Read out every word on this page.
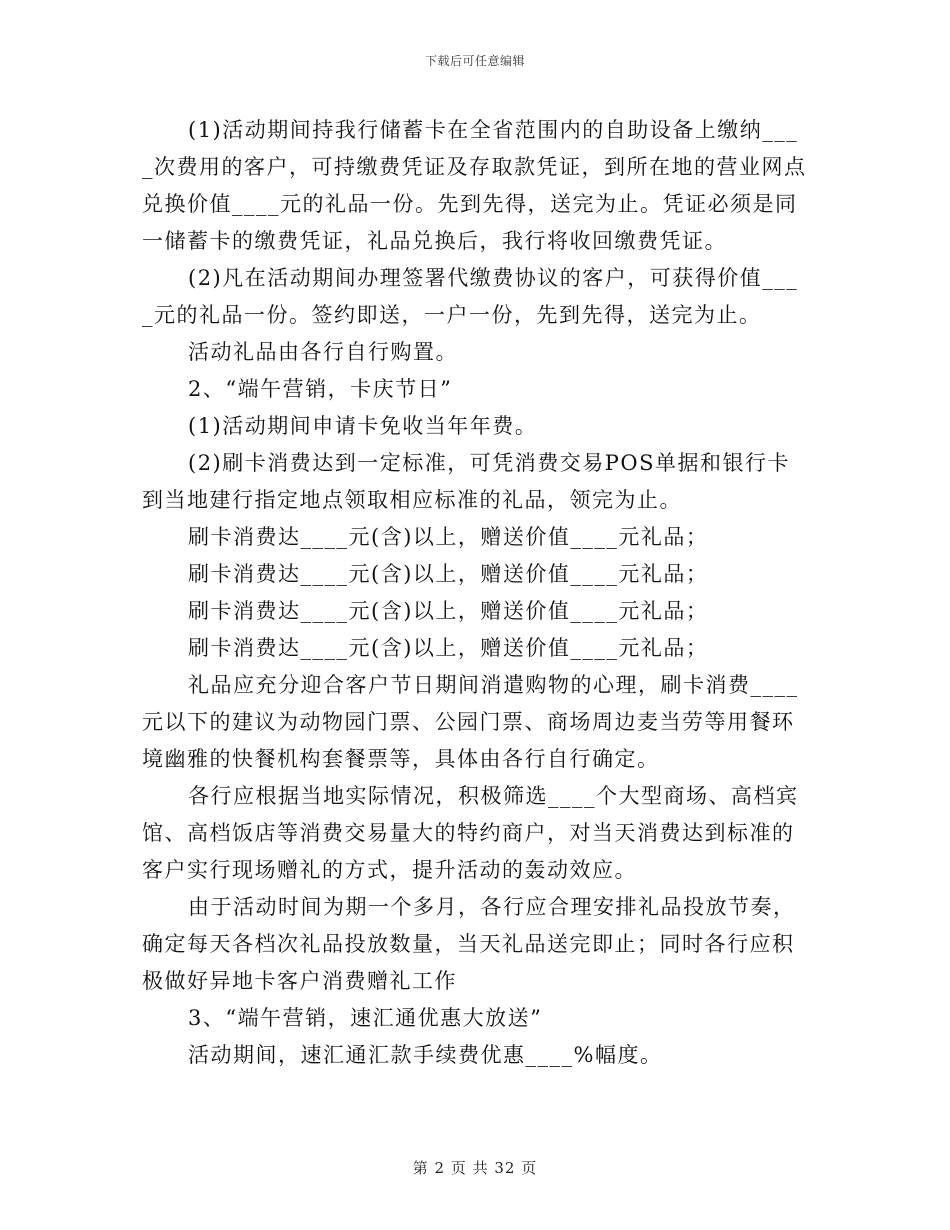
下载后可任意编辑

(1)活动期间持我行储蓄卡在全省范围内的自助设备上缴纳____次费用的客户，可持缴费凭证及存取款凭证，到所在地的营业网点兑换价值____元的礼品一份。先到先得，送完为止。凭证必须是同一储蓄卡的缴费凭证，礼品兑换后，我行将收回缴费凭证。

(2)凡在活动期间办理签署代缴费协议的客户，可获得价值____元的礼品一份。签约即送，一户一份，先到先得，送完为止。

活动礼品由各行自行购置。

2、“端午营销，卡庆节日”

(1)活动期间申请卡免收当年年费。

(2)刷卡消费达到一定标准，可凭消费交易POS单据和银行卡到当地建行指定地点领取相应标准的礼品，领完为止。

刷卡消费达____元(含)以上，赠送价值____元礼品；

刷卡消费达____元(含)以上，赠送价值____元礼品；

刷卡消费达____元(含)以上，赠送价值____元礼品；

刷卡消费达____元(含)以上，赠送价值____元礼品；

礼品应充分迎合客户节日期间消遣购物的心理，刷卡消费____元以下的建议为动物园门票、公园门票、商场周边麦当劳等用餐环境幽雅的快餐机构套餐票等，具体由各行自行确定。

各行应根据当地实际情况，积极筛选____个大型商场、高档宾馆、高档饭店等消费交易量大的特约商户，对当天消费达到标准的客户实行现场赠礼的方式，提升活动的轰动效应。

由于活动时间为期一个多月，各行应合理安排礼品投放节奏，确定每天各档次礼品投放数量，当天礼品送完即止；同时各行应积极做好异地卡客户消费赠礼工作

3、“端午营销，速汇通优惠大放送”

活动期间，速汇通汇款手续费优惠____%幅度。

第 2 页 共 32 页
